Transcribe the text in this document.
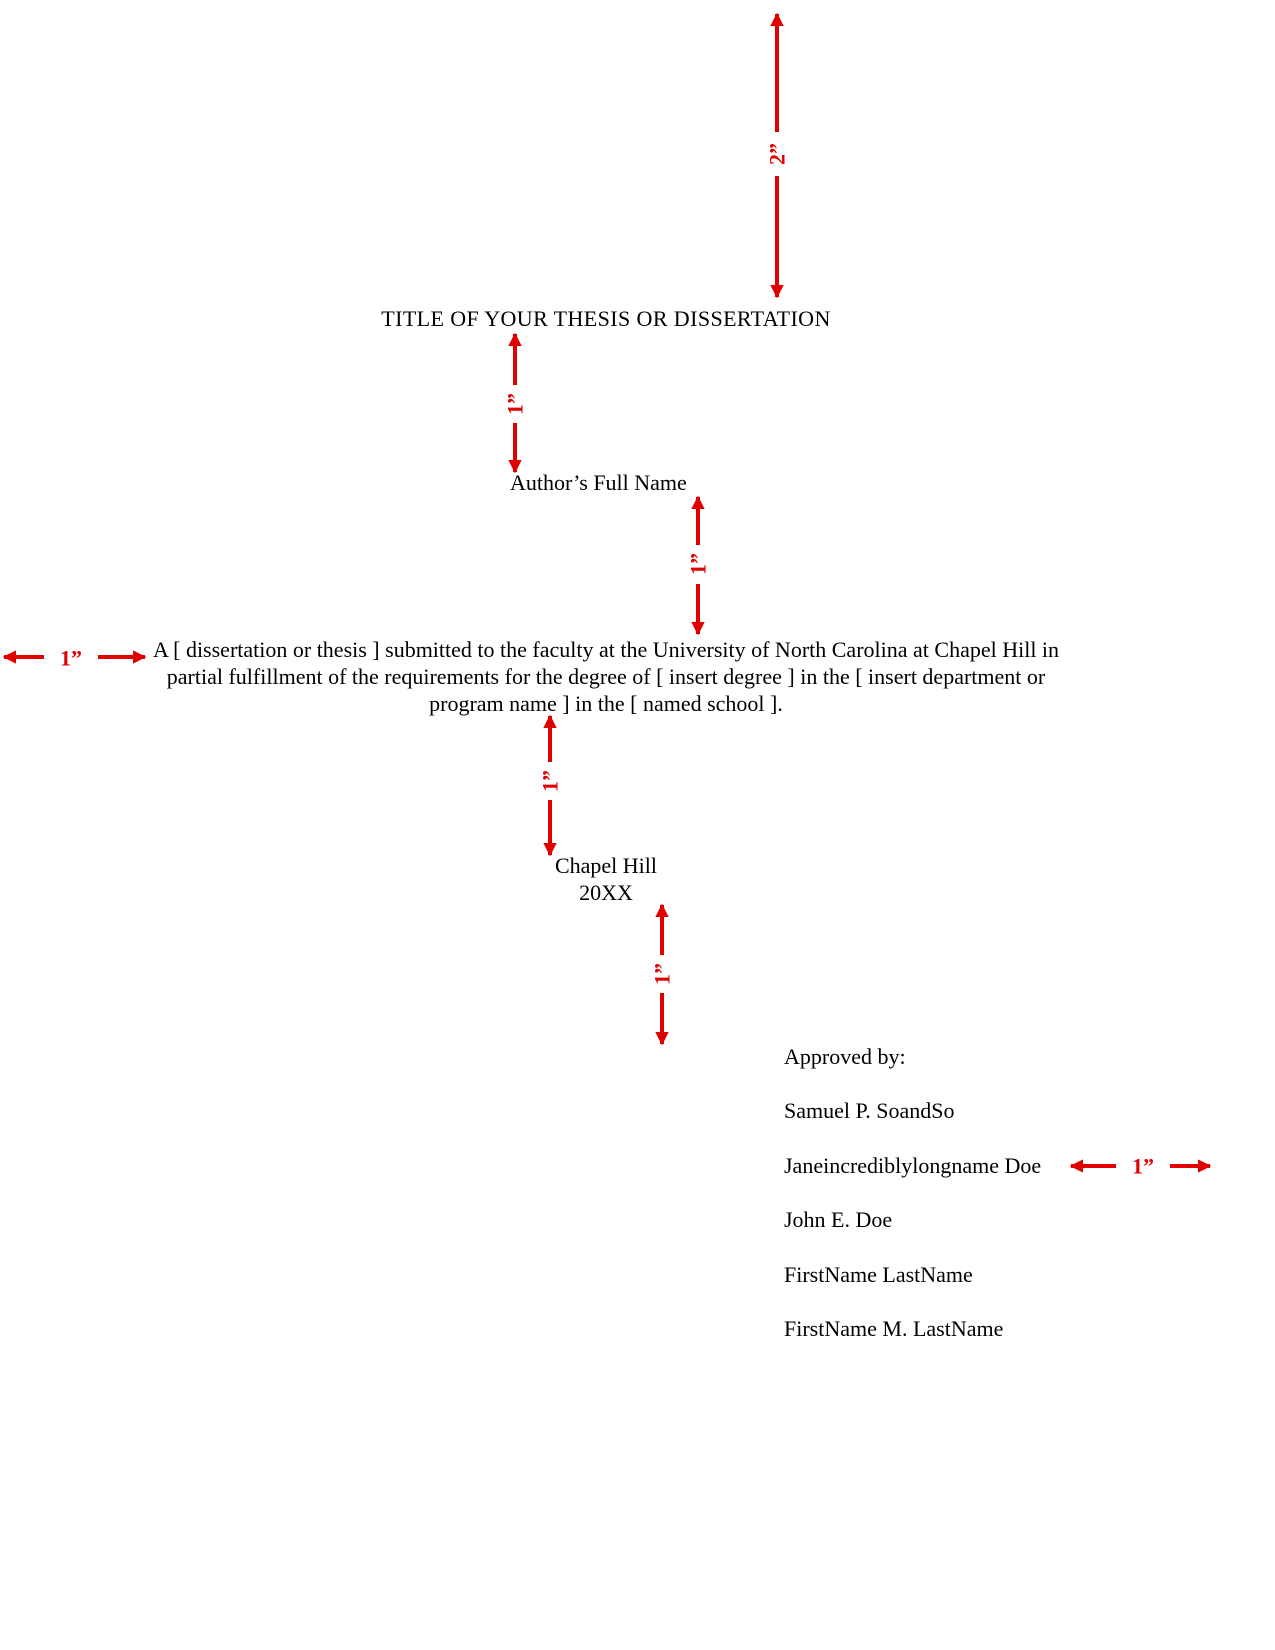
TITLE OF YOUR THESIS OR DISSERTATION
Author’s Full Name
A [ dissertation or thesis ] submitted to the faculty at the University of North Carolina at Chapel Hill in partial fulfillment of the requirements for the degree of [ insert degree ] in the [ insert department or program name ] in the [ named school ].
Chapel Hill
20XX
Approved by:
Samuel P. SoandSo
Janeincrediblylongname Doe
John E. Doe
FirstName LastName
FirstName M. LastName
2”
1”
1”
1”
1”
1”
1”
